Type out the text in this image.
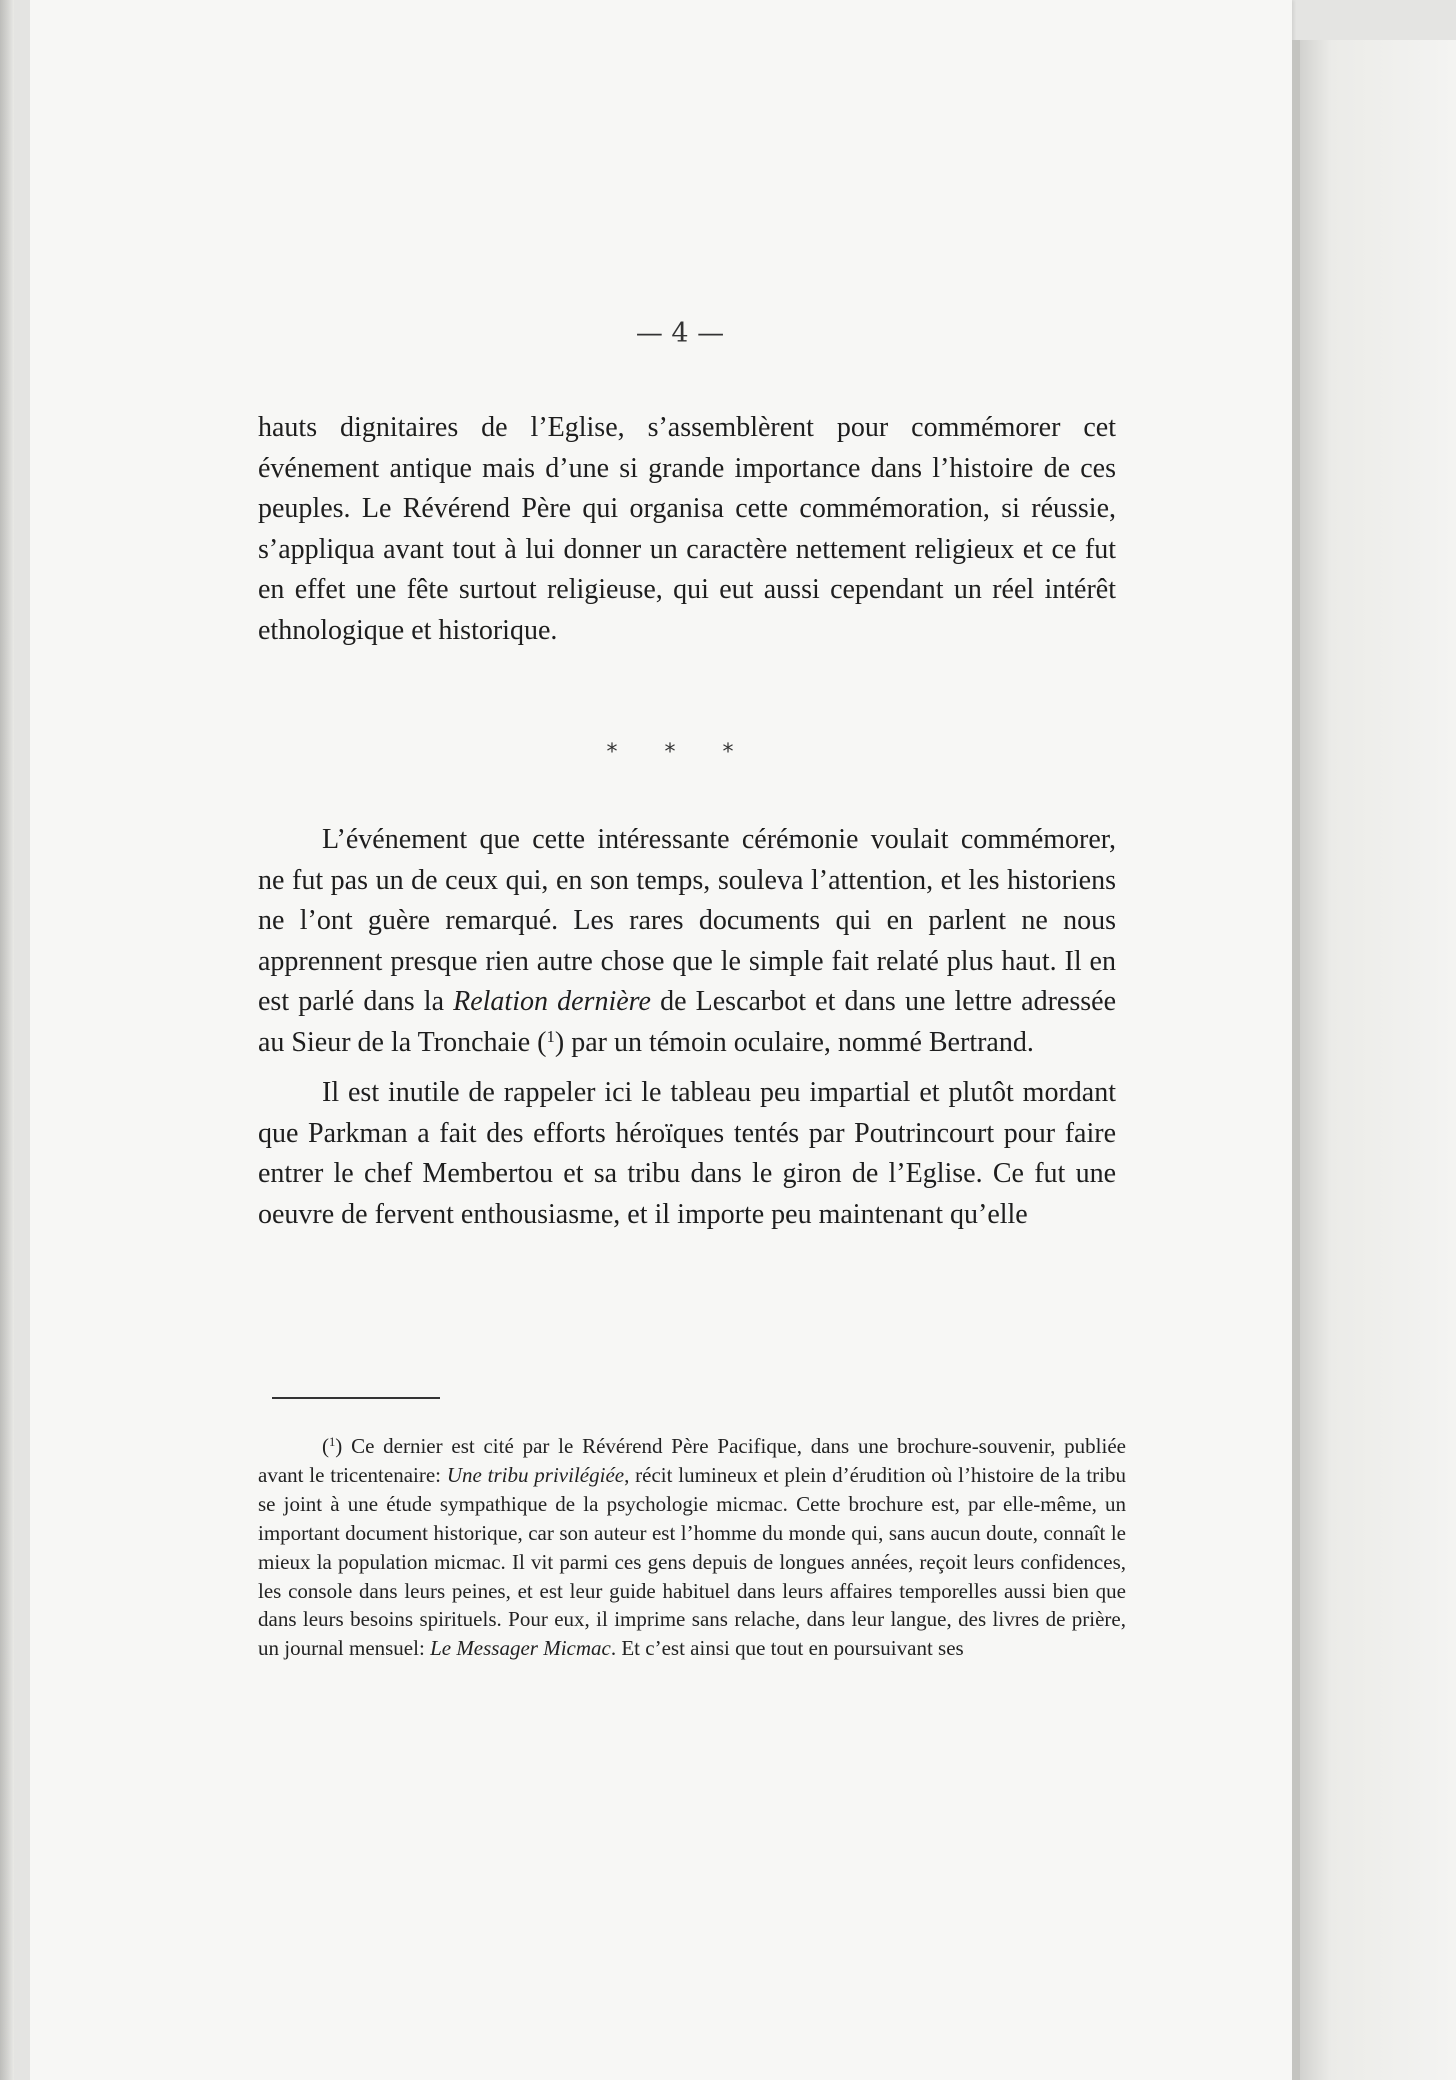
— 4 —

hauts dignitaires de l’Eglise, s’assemblèrent pour commémorer cet événement antique mais d’une si grande importance dans l’histoire de ces peuples. Le Révérend Père qui organisa cette commémoration, si réussie, s’appliqua avant tout à lui donner un caractère nettement religieux et ce fut en effet une fête surtout religieuse, qui eut aussi cependant un réel intérêt ethnologique et historique.

* * *

L’événement que cette intéressante cérémonie voulait commémorer, ne fut pas un de ceux qui, en son temps, souleva l’attention, et les historiens ne l’ont guère remarqué. Les rares documents qui en parlent ne nous apprennent presque rien autre chose que le simple fait relaté plus haut. Il en est parlé dans la Relation dernière de Lescarbot et dans une lettre adressée au Sieur de la Tronchaie ($^1$) par un témoin oculaire, nommé Bertrand.

Il est inutile de rappeler ici le tableau peu impartial et plutôt mordant que Parkman a fait des efforts héroïques tentés par Poutrincourt pour faire entrer le chef Membertou et sa tribu dans le giron de l’Eglise. Ce fut une oeuvre de fervent enthousiasme, et il importe peu maintenant qu’elle

($^1$) Ce dernier est cité par le Révérend Père Pacifique, dans une brochure-souvenir, publiée avant le tricentenaire: Une tribu privilégiée, récit lumineux et plein d’érudition où l’histoire de la tribu se joint à une étude sympathique de la psychologie micmac. Cette brochure est, par elle-même, un important document historique, car son auteur est l’homme du monde qui, sans aucun doute, connaît le mieux la population micmac. Il vit parmi ces gens depuis de longues années, reçoit leurs confidences, les console dans leurs peines, et est leur guide habituel dans leurs affaires temporelles aussi bien que dans leurs besoins spirituels. Pour eux, il imprime sans relache, dans leur langue, des livres de prière, un journal mensuel: Le Messager Micmac. Et c’est ainsi que tout en poursuivant ses
